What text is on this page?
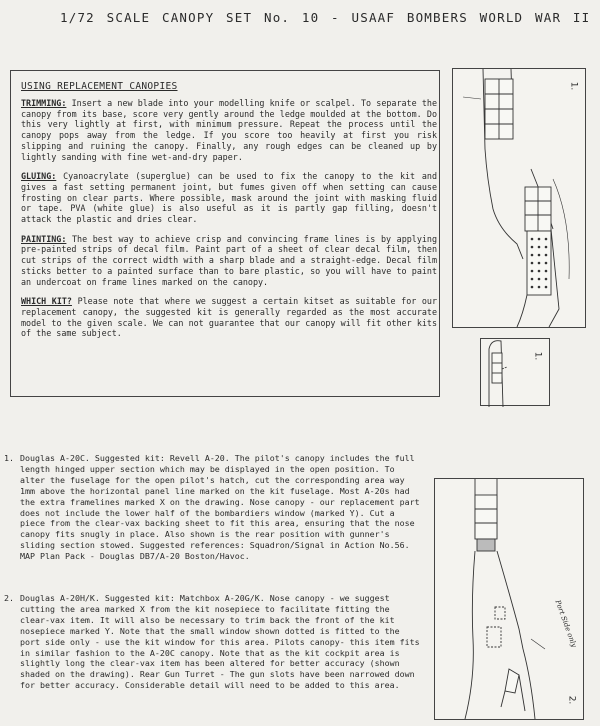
1/72 SCALE CANOPY SET No. 10 - USAAF BOMBERS WORLD WAR II
USING REPLACEMENT CANOPIES

TRIMMING: Insert a new blade into your modelling knife or scalpel. To separate the canopy from its base, score very gently around the ledge moulded at the bottom. Do this very lightly at first, with minimum pressure. Repeat the process until the canopy pops away from the ledge. If you score too heavily at first you risk slipping and ruining the canopy. Finally, any rough edges can be cleaned up by lightly sanding with fine wet-and-dry paper.

GLUING: Cyanoacrylate (superglue) can be used to fix the canopy to the kit and gives a fast setting permanent joint, but fumes given off when setting can cause frosting on clear parts. Where possible, mask around the joint with masking fluid or tape. PVA (white glue) is also useful as it is partly gap filling, doesn't attack the plastic and dries clear.

PAINTING: The best way to achieve crisp and convincing frame lines is by applying pre-painted strips of decal film. Paint part of a sheet of clear decal film, then cut strips of the correct width with a sharp blade and a straight-edge. Decal film sticks better to a painted surface than to bare plastic, so you will have to paint an undercoat on frame lines marked on the canopy.

WHICH KIT? Please note that where we suggest a certain kitset as suitable for our replacement canopy, the suggested kit is generally regarded as the most accurate model to the given scale. We can not guarantee that our canopy will fit other kits of the same subject.

1.
1.
2.
Port Side only
1. Douglas A-20C. Suggested kit: Revell A-20. The pilot's canopy includes the full length hinged upper section which may be displayed in the open position. To alter the fuselage for the open pilot's hatch, cut the corresponding area way 1mm above the horizontal panel line marked on the kit fuselage. Most A-20s had the extra framelines marked X on the drawing. Nose canopy - our replacement part does not include the lower half of the bombardiers window (marked Y). Cut a piece from the clear-vax backing sheet to fit this area, ensuring that the nose canopy fits snugly in place. Also shown is the rear position with gunner's sliding section stowed. Suggested references: Squadron/Signal in Action No.56. MAP Plan Pack - Douglas DB7/A-20 Boston/Havoc.
2. Douglas A-20H/K. Suggested kit: Matchbox A-20G/K. Nose canopy - we suggest cutting the area marked X from the kit nosepiece to facilitate fitting the clear-vax item. It will also be necessary to trim back the front of the kit nosepiece marked Y. Note that the small window shown dotted is fitted to the port side only - use the kit window for this area. Pilots canopy- this item fits in similar fashion to the A-20C canopy. Note that as the kit cockpit area is slightly long the clear-vax item has been altered for better accuracy (shown shaded on the drawing). Rear Gun Turret - The gun slots have been narrowed down for better accuracy. Considerable detail will need to be added to this area.
